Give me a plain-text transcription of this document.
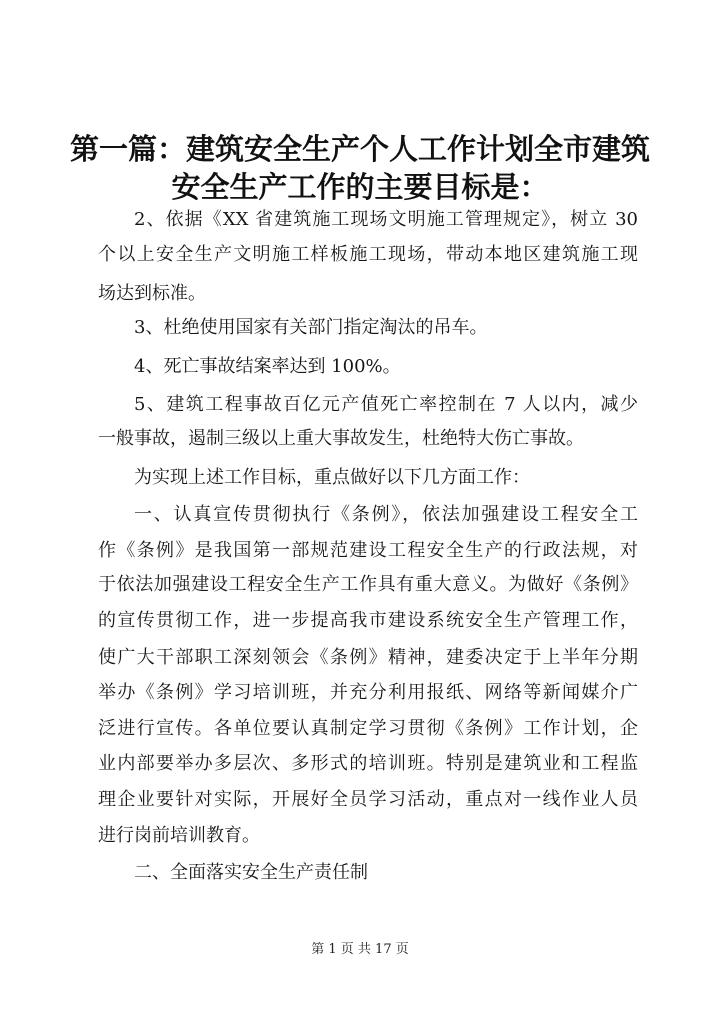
第一篇：建筑安全生产个人工作计划全市建筑
安全生产工作的主要目标是：
2、依据《XX 省建筑施工现场文明施工管理规定》，树立 30
个以上安全生产文明施工样板施工现场，带动本地区建筑施工现
场达到标准。
3、杜绝使用国家有关部门指定淘汰的吊车。
4、死亡事故结案率达到 100%。
5、建筑工程事故百亿元产值死亡率控制在 7 人以内，减少
一般事故，遏制三级以上重大事故发生，杜绝特大伤亡事故。
为实现上述工作目标，重点做好以下几方面工作：
一、认真宣传贯彻执行《条例》，依法加强建设工程安全工
作《条例》是我国第一部规范建设工程安全生产的行政法规，对
于依法加强建设工程安全生产工作具有重大意义。为做好《条例》
的宣传贯彻工作，进一步提高我市建设系统安全生产管理工作，
使广大干部职工深刻领会《条例》精神，建委决定于上半年分期
举办《条例》学习培训班，并充分利用报纸、网络等新闻媒介广
泛进行宣传。各单位要认真制定学习贯彻《条例》工作计划，企
业内部要举办多层次、多形式的培训班。特别是建筑业和工程监
理企业要针对实际，开展好全员学习活动，重点对一线作业人员
进行岗前培训教育。
二、全面落实安全生产责任制
第 1 页 共 17 页
